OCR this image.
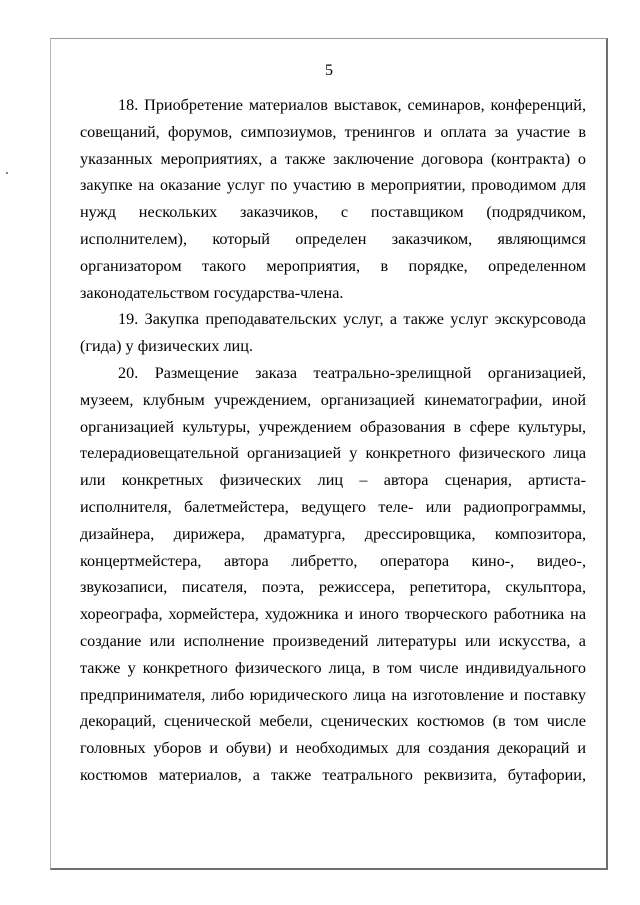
5
18. Приобретение материалов выставок, семинаров, конференций,
совещаний, форумов, симпозиумов, тренингов и оплата за участие в
указанных мероприятиях, а также заключение договора (контракта) о
закупке на оказание услуг по участию в мероприятии, проводимом для
нужд нескольких заказчиков, с поставщиком (подрядчиком,
исполнителем), который определен заказчиком, являющимся
организатором такого мероприятия, в порядке, определенном
законодательством государства-члена.
19. Закупка преподавательских услуг, а также услуг экскурсовода
(гида) у физических лиц.
20. Размещение заказа театрально-зрелищной организацией,
музеем, клубным учреждением, организацией кинематографии, иной
организацией культуры, учреждением образования в сфере культуры,
телерадиовещательной организацией у конкретного физического лица
или конкретных физических лиц – автора сценария, артиста-
исполнителя, балетмейстера, ведущего теле- или радиопрограммы,
дизайнера, дирижера, драматурга, дрессировщика, композитора,
концертмейстера, автора либретто, оператора кино-, видео-,
звукозаписи, писателя, поэта, режиссера, репетитора, скульптора,
хореографа, хормейстера, художника и иного творческого работника на
создание или исполнение произведений литературы или искусства, а
также у конкретного физического лица, в том числе индивидуального
предпринимателя, либо юридического лица на изготовление и поставку
декораций, сценической мебели, сценических костюмов (в том числе
головных уборов и обуви) и необходимых для создания декораций и
костюмов материалов, а также театрального реквизита, бутафории,
